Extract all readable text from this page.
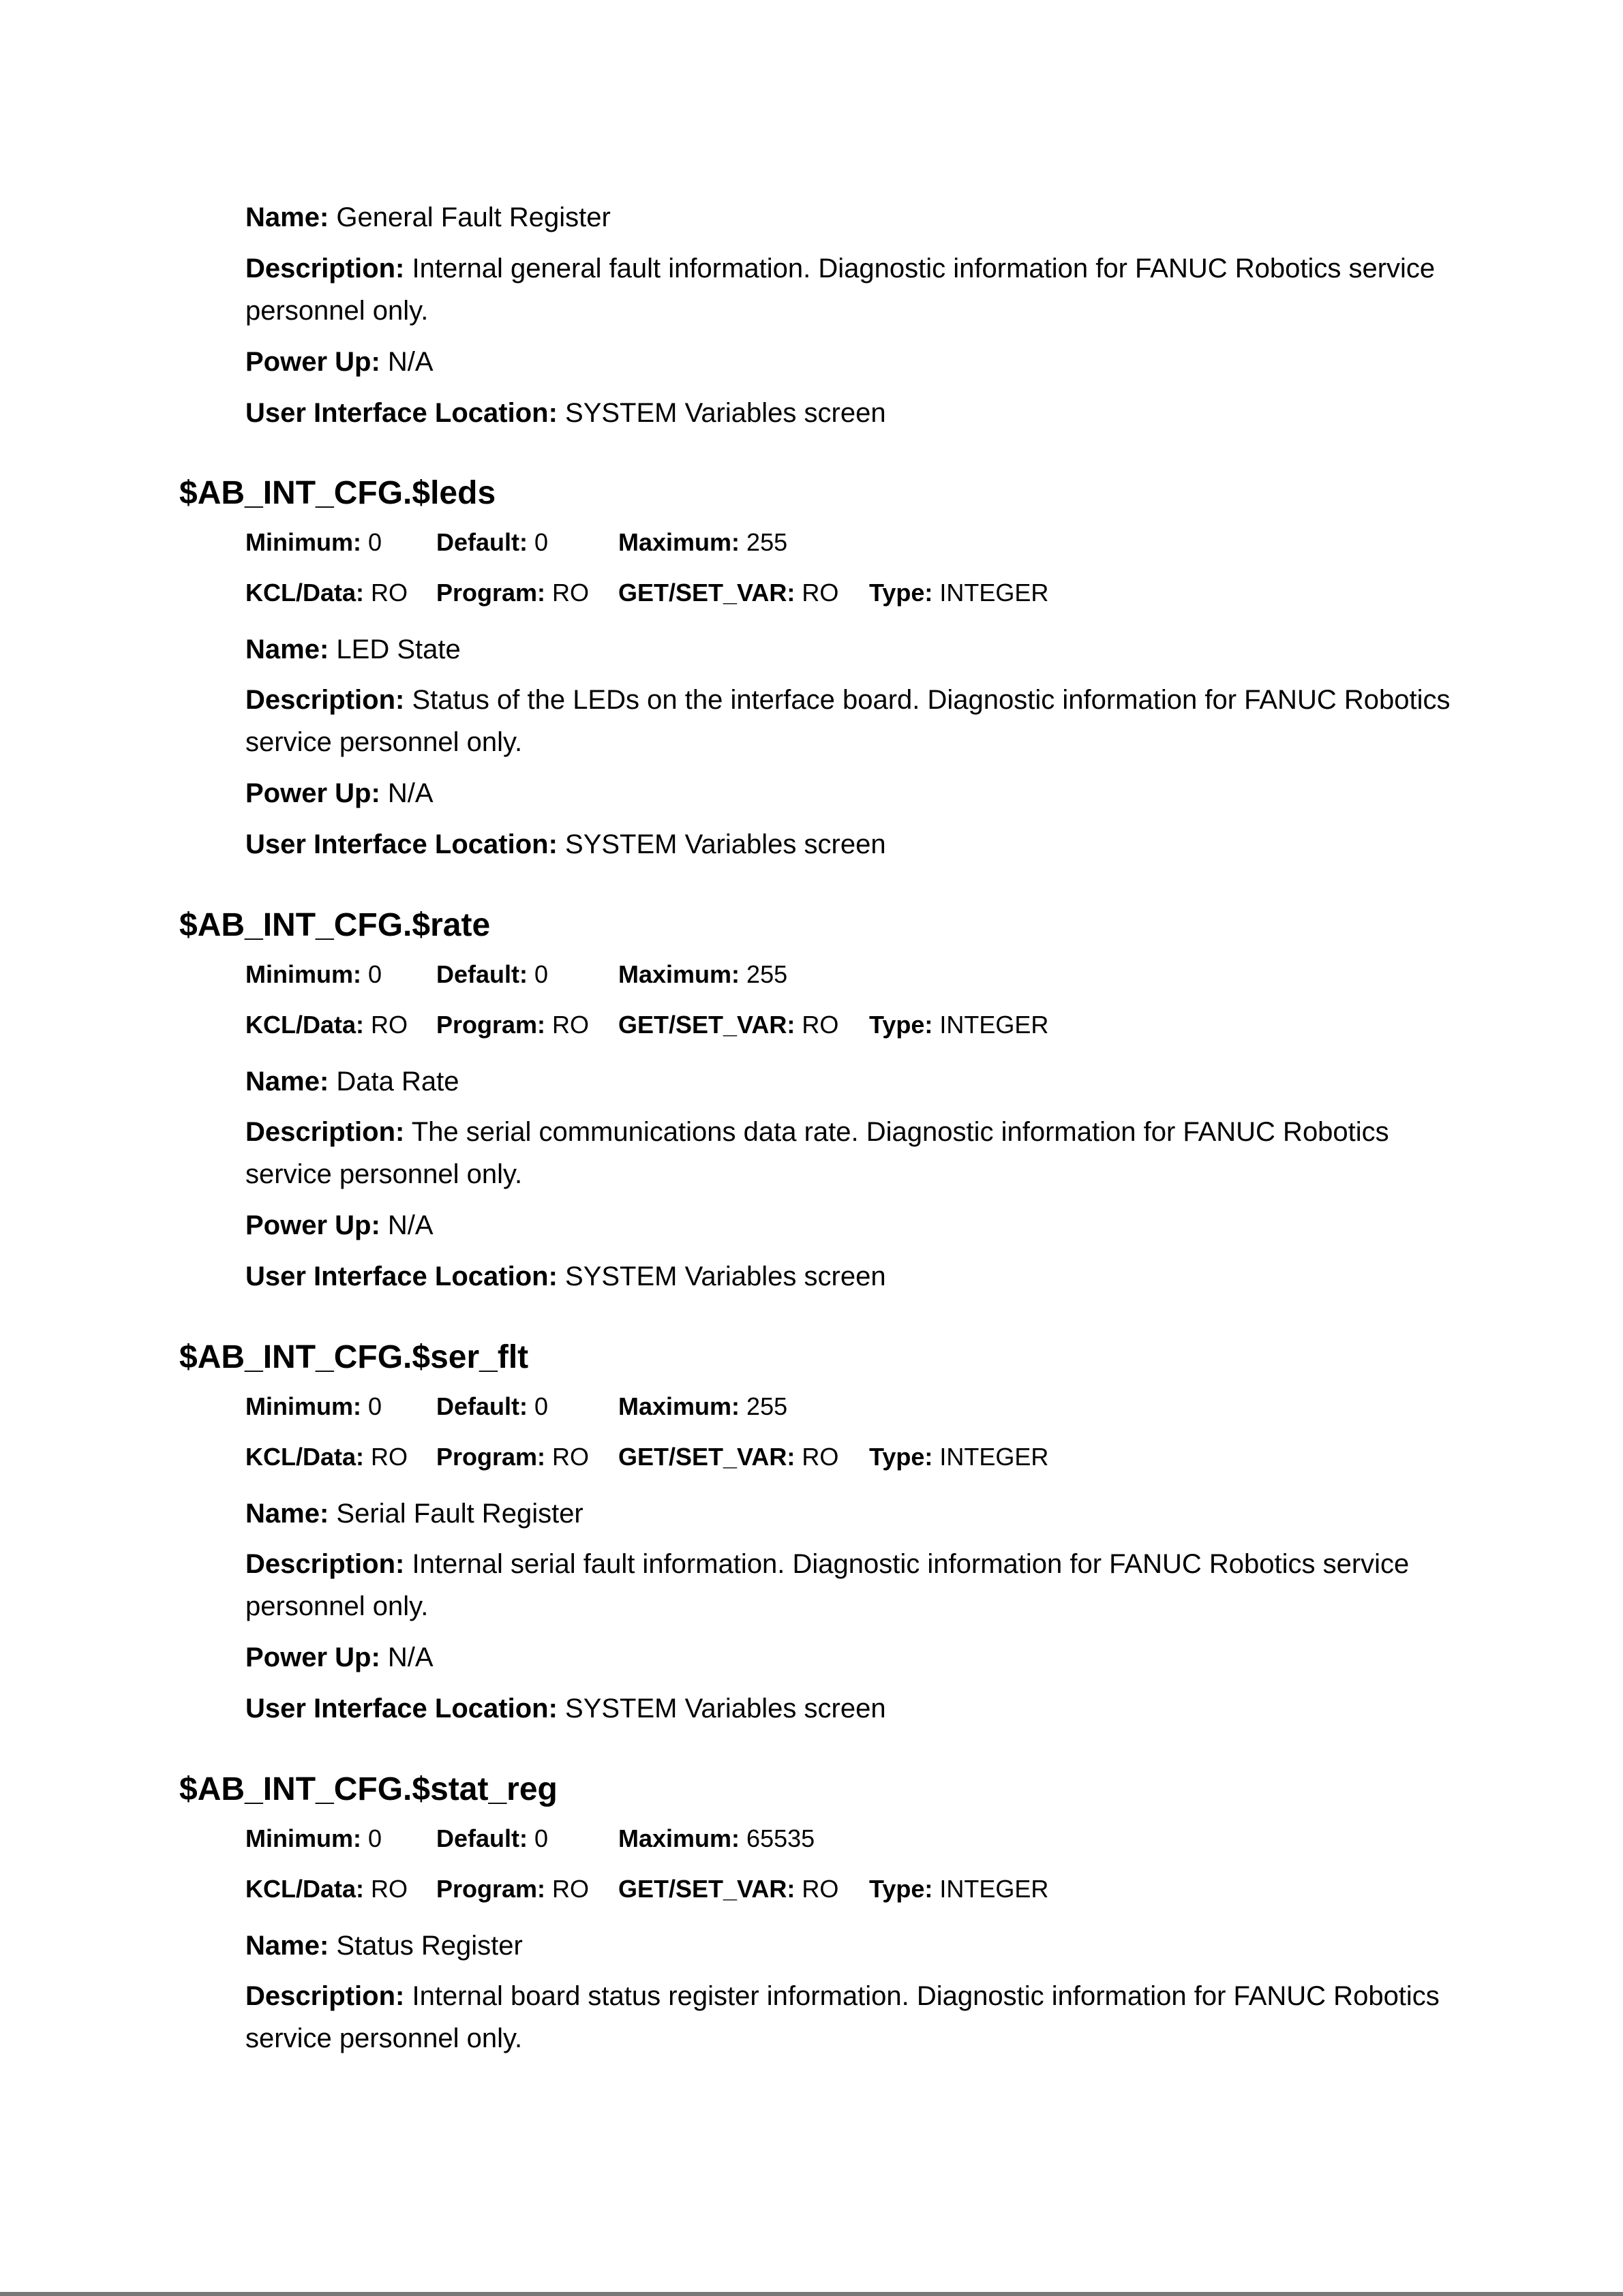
Name: General Fault Register
Description: Internal general fault information. Diagnostic information for FANUC Robotics service personnel only.
Power Up: N/A
User Interface Location: SYSTEM Variables screen
$AB_INT_CFG.$leds
Minimum: 0 Default: 0	Maximum: 255
KCL/Data: RO Program: RO GET/SET_VAR: RO Type: INTEGER
Name: LED State
Description: Status of the LEDs on the interface board. Diagnostic information for FANUC Robotics service personnel only.
Power Up: N/A
User Interface Location: SYSTEM Variables screen
$AB_INT_CFG.$rate
Minimum: 0 Default: 0	Maximum: 255
KCL/Data: RO Program: RO GET/SET_VAR: RO Type: INTEGER
Name: Data Rate
Description: The serial communications data rate. Diagnostic information for FANUC Robotics service personnel only.
Power Up: N/A
User Interface Location: SYSTEM Variables screen
$AB_INT_CFG.$ser_flt
Minimum: 0 Default: 0	Maximum: 255
KCL/Data: RO Program: RO GET/SET_VAR: RO Type: INTEGER
Name: Serial Fault Register
Description: Internal serial fault information. Diagnostic information for FANUC Robotics service personnel only.
Power Up: N/A
User Interface Location: SYSTEM Variables screen
$AB_INT_CFG.$stat_reg
Minimum: 0 Default: 0	Maximum: 65535
KCL/Data: RO Program: RO GET/SET_VAR: RO Type: INTEGER
Name: Status Register
Description: Internal board status register information. Diagnostic information for FANUC Robotics service personnel only.
